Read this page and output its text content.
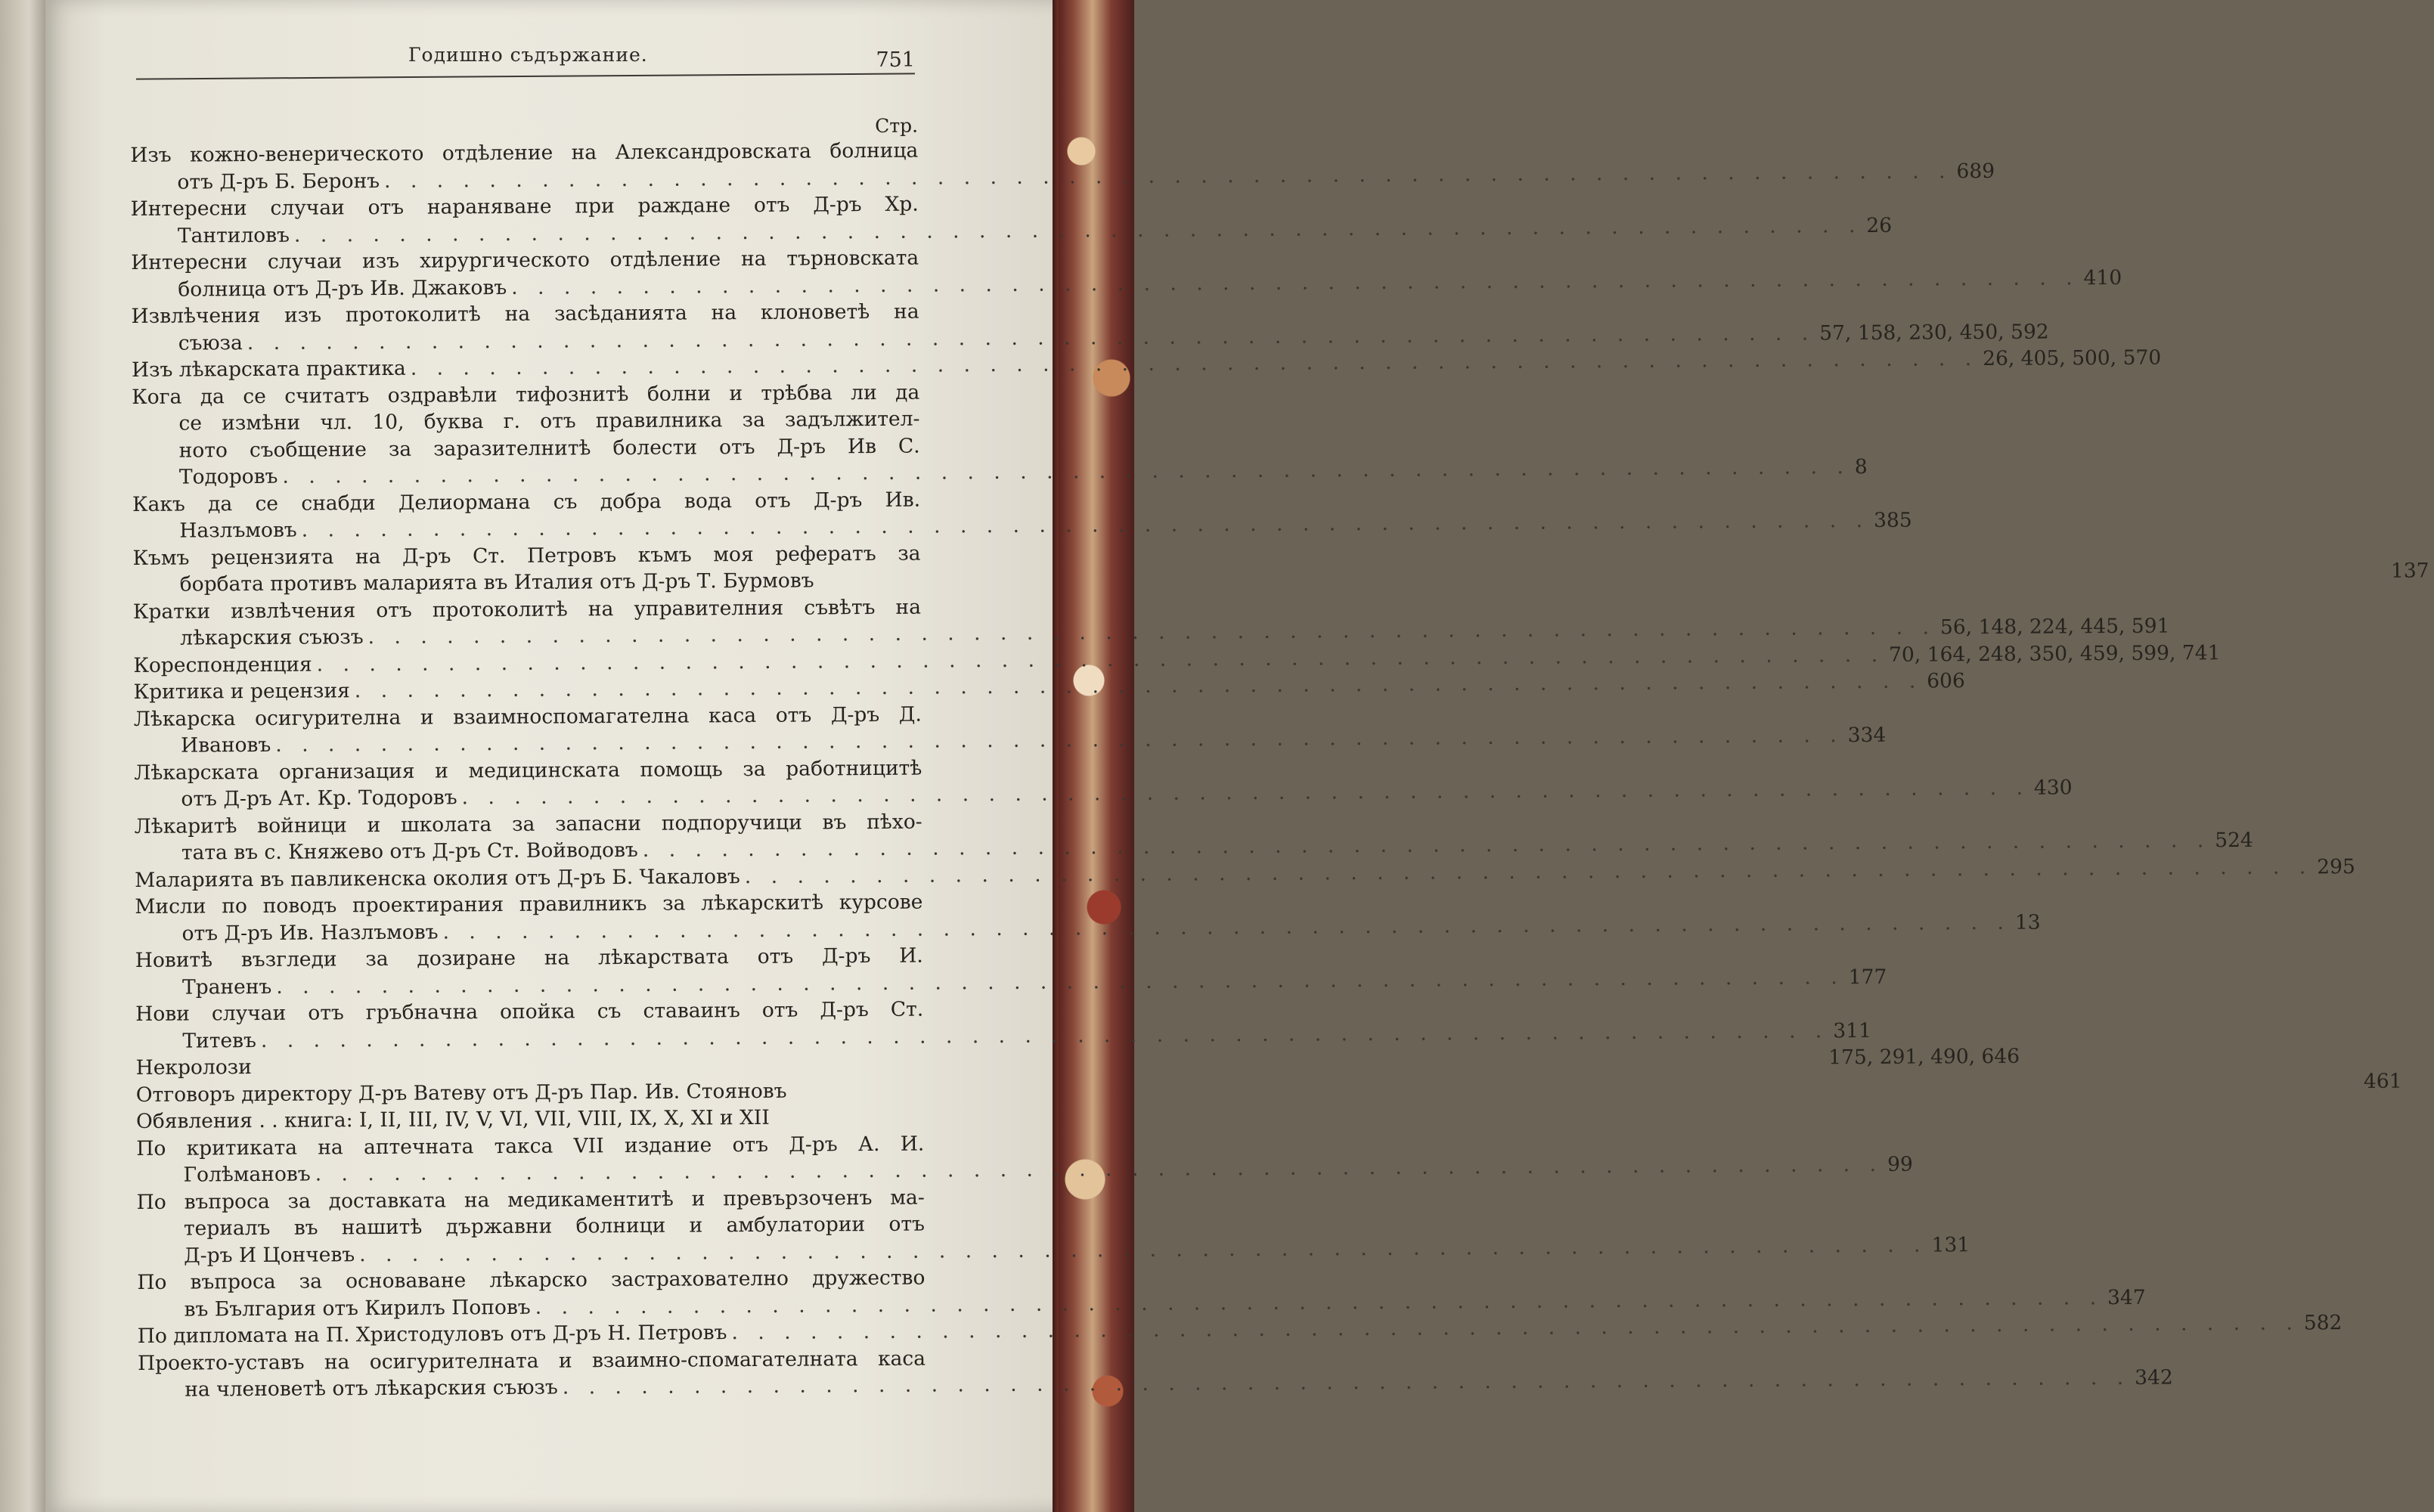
Годишно съдържание.	751
Стр.
Изъ кожно-венерическото отдѣление на Александровската болница
отъ Д-ръ Б. Беронъ . . .	689
Интересни случаи отъ нараняване при раждане отъ Д-ръ Хр.
Тантиловъ . . .	26
Интересни случаи изъ хирургическото отдѣление на търновската
болница отъ Д-ръ Ив. Джаковъ . . .	410
Извлѣчения изъ протоколитѣ на засѣданията на клоноветѣ на
съюза . . .	57, 158, 230, 450, 592
Изъ лѣкарската практика . . .	26, 405, 500, 570
Кога да се считатъ оздравѣли тифознитѣ болни и трѣбва ли да
се измѣни чл. 10, буква г. отъ правилника за задължител-
ното съобщение за заразителнитѣ болести отъ Д-ръ Ив С.
Тодоровъ . . .	8
Какъ да се снабди Делиормана съ добра вода отъ Д-ръ Ив.
Назлъмовъ . . .	385
Къмъ рецензията на Д-ръ Ст. Петровъ къмъ моя рефератъ за
борбата противъ маларията въ Италия отъ Д-ръ Т. Бурмовъ	137
Кратки извлѣчения отъ протоколитѣ на управителния съвѣтъ на
лѣкарския съюзъ . . .	56, 148, 224, 445, 591
Кореспонденция . . .	70, 164, 248, 350, 459, 599, 741
Критика и рецензия . . .	606
Лѣкарска осигурителна и взаимноспомагателна каса отъ Д-ръ Д.
Ивановъ . . .	334
Лѣкарската организация и медицинската помощь за работницитѣ
отъ Д-ръ Ат. Кр. Тодоровъ . . .	430
Лѣкаритѣ войници и школата за запасни подпоручици въ пѣхо-
тата въ с. Княжево отъ Д-ръ Ст. Войводовъ . . .	524
Маларията въ павликенска околия отъ Д-ръ Б. Чакаловъ . . .	295
Мисли по поводъ проектирания правилникъ за лѣкарскитѣ курсове
отъ Д-ръ Ив. Назлъмовъ . . .	13
Новитѣ възгледи за дозиране на лѣкарствата отъ Д-ръ И.
Траненъ . . .	177
Нови случаи отъ гръбначна опойка съ ставаинъ отъ Д-ръ Ст.
Титевъ . . .	311
Некролози	175, 291, 490, 646
Отговоръ директору Д-ръ Ватеву отъ Д-ръ Пар. Ив. Стояновъ	461
Обявления . . книга: I, II, III, IV, V, VI, VII, VIII, IX, X, XI и XII
По критиката на аптечната такса VII издание отъ Д-ръ А. И.
Голѣмановъ . . .	99
По въпроса за доставката на медикаментитѣ и превързоченъ ма-
териалъ въ нашитѣ държавни болници и амбулатории отъ
Д-ръ И Цончевъ . . .	131
По въпроса за основаване лѣкарско застраховатeлно дружество
въ България отъ Кирилъ Поповъ . . .	347
По дипломата на П. Христодуловъ отъ Д-ръ Н. Петровъ . . .	582
Проекто-уставъ на осигурителната и взаимно-спомагателната каса
на членоветѣ отъ лѣкарския съюзъ . . .	342
